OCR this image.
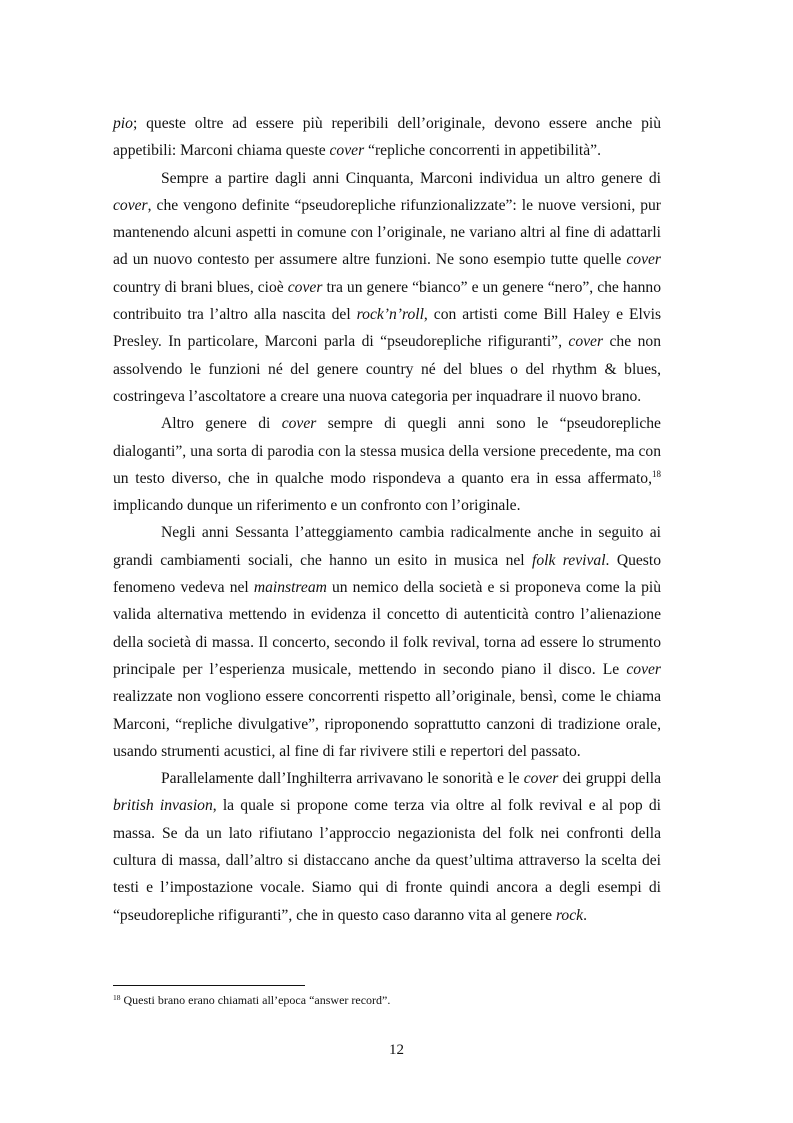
pio; queste oltre ad essere più reperibili dell’originale, devono essere anche più appetibili: Marconi chiama queste cover “repliche concorrenti in appetibilità”.

Sempre a partire dagli anni Cinquanta, Marconi individua un altro genere di cover, che vengono definite “pseudorepliche rifunzionalizzate”: le nuove versioni, pur mantenendo alcuni aspetti in comune con l’originale, ne variano altri al fine di adattarli ad un nuovo contesto per assumere altre funzioni. Ne sono esempio tutte quelle cover country di brani blues, cioè cover tra un genere “bianco” e un genere “nero”, che hanno contribuito tra l’altro alla nascita del rock’n’roll, con artisti come Bill Haley e Elvis Presley. In particolare, Marconi parla di “pseudorepliche rifiguranti”, cover che non assolvendo le funzioni né del genere country né del blues o del rhythm & blues, costringeva l’ascoltatore a creare una nuova categoria per inquadrare il nuovo brano.

Altro genere di cover sempre di quegli anni sono le “pseudorepliche dialoganti”, una sorta di parodia con la stessa musica della versione precedente, ma con un testo diverso, che in qualche modo rispondeva a quanto era in essa affermato,$^{18}$ implicando dunque un riferimento e un confronto con l’originale.

Negli anni Sessanta l’atteggiamento cambia radicalmente anche in seguito ai grandi cambiamenti sociali, che hanno un esito in musica nel folk revival. Questo fenomeno vedeva nel mainstream un nemico della società e si proponeva come la più valida alternativa mettendo in evidenza il concetto di autenticità contro l’alienazione della società di massa. Il concerto, secondo il folk revival, torna ad essere lo strumento principale per l’esperienza musicale, mettendo in secondo piano il disco. Le cover realizzate non vogliono essere concorrenti rispetto all’originale, bensì, come le chiama Marconi, “repliche divulgative”, riproponendo soprattutto canzoni di tradizione orale, usando strumenti acustici, al fine di far rivivere stili e repertori del passato.

Parallelamente dall’Inghilterra arrivavano le sonorità e le cover dei gruppi della british invasion, la quale si propone come terza via oltre al folk revival e al pop di massa. Se da un lato rifiutano l’approccio negazionista del folk nei confronti della cultura di massa, dall’altro si distaccano anche da quest’ultima attraverso la scelta dei testi e l’impostazione vocale. Siamo qui di fronte quindi ancora a degli esempi di “pseudorepliche rifiguranti”, che in questo caso daranno vita al genere rock.

$^{18}$ Questi brano erano chiamati all’epoca “answer record”.
12
